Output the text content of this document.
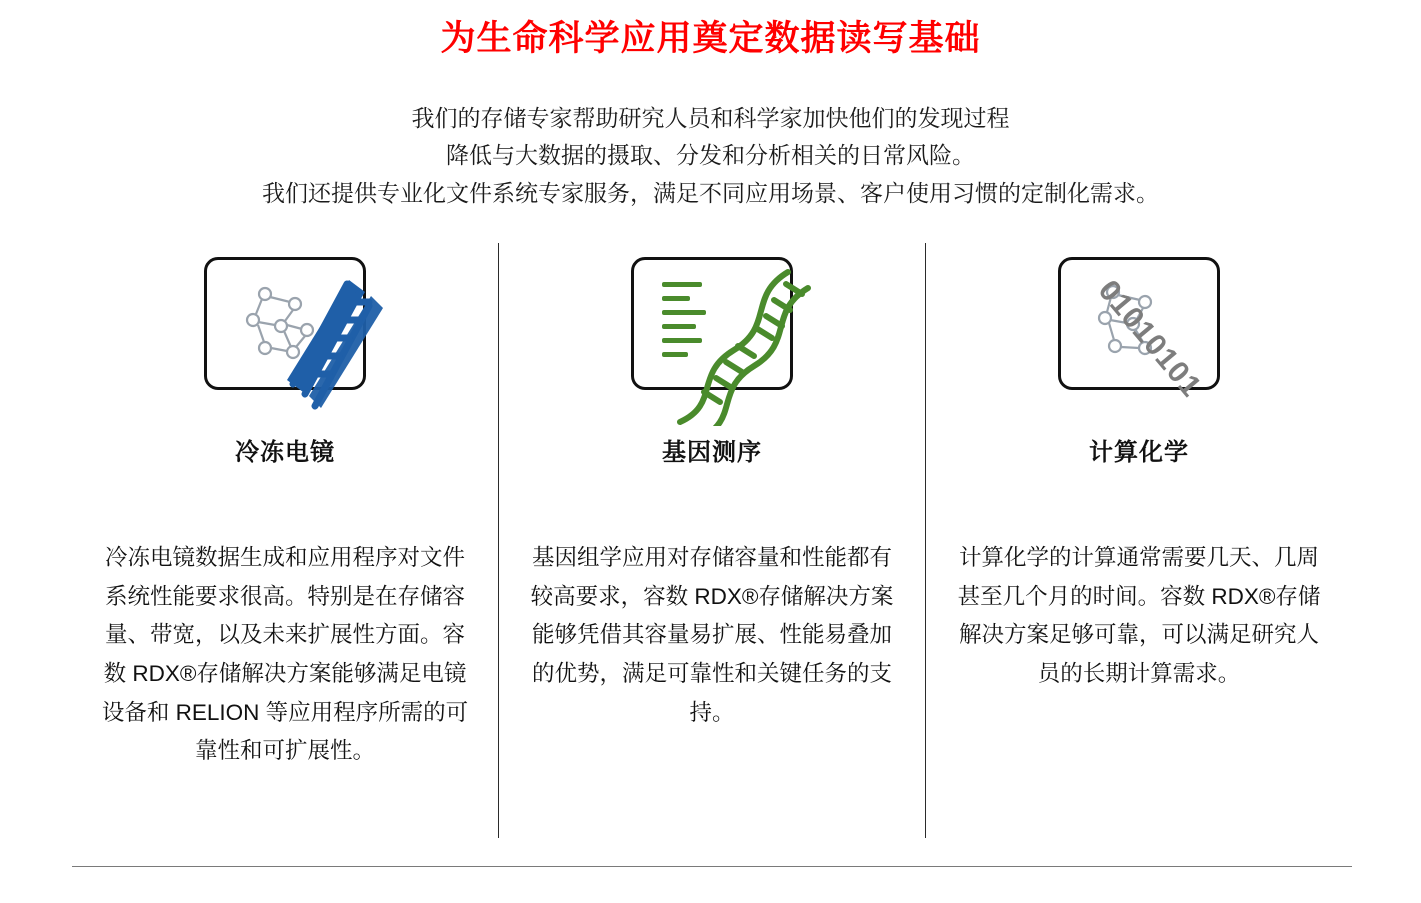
为生命科学应用奠定数据读写基础
我们的存储专家帮助研究人员和科学家加快他们的发现过程
降低与大数据的摄取、分发和分析相关的日常风险。
我们还提供专业化文件系统专家服务，满足不同应用场景、客户使用习惯的定制化需求。
冷冻电镜
冷冻电镜数据生成和应用程序对文件系统性能要求很高。特别是在存储容量、带宽，以及未来扩展性方面。容数 RDX®存储解决方案能够满足电镜设备和 RELION 等应用程序所需的可靠性和可扩展性。
基因测序
基因组学应用对存储容量和性能都有较高要求，容数 RDX®存储解决方案能够凭借其容量易扩展、性能易叠加的优势，满足可靠性和关键任务的支持。
01010101
计算化学
计算化学的计算通常需要几天、几周甚至几个月的时间。容数 RDX®存储解决方案足够可靠，可以满足研究人员的长期计算需求。
